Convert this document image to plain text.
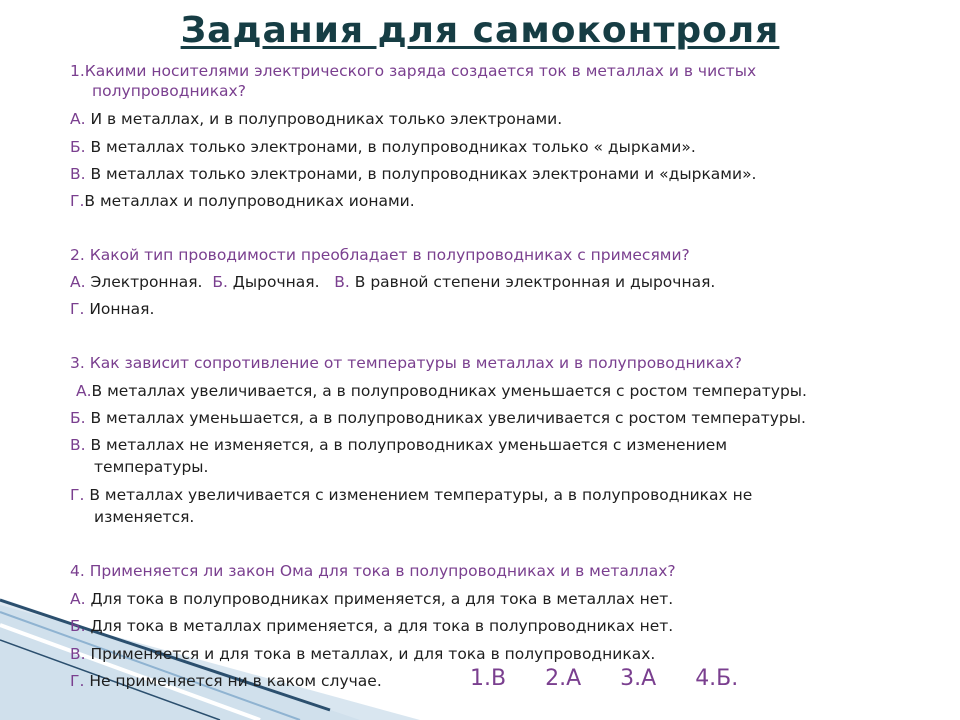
Задания для самоконтроля
1.Какими носителями электрического заряда создается ток в металлах и в чистых
полупроводниках?
А. И в металлах, и в полупроводниках только электронами.
Б. В металлах только электронами, в полупроводниках только « дырками».
В. В металлах только электронами, в полупроводниках электронами и «дырками».
Г.В металлах и полупроводниках ионами.
2. Какой тип проводимости преобладает в полупроводниках с примесями?
А. Электронная.  Б. Дырочная.   В. В равной степени электронная и дырочная.
Г. Ионная.
3. Как зависит сопротивление от температуры в металлах и в полупроводниках?
А.В металлах увеличивается, а в полупроводниках уменьшается с ростом температуры.
Б. В металлах уменьшается, а в полупроводниках увеличивается с ростом температуры.
В. В металлах не изменяется, а в полупроводниках уменьшается с изменением
температуры.
Г. В металлах увеличивается с изменением температуры, а в полупроводниках не
изменяется.
4. Применяется ли закон Ома для тока в полупроводниках и в металлах?
А. Для тока в полупроводниках применяется, а для тока в металлах нет.
Б. Для тока в металлах применяется, а для тока в полупроводниках нет.
В. Применяется и для тока в металлах, и для тока в полупроводниках.
Г. Не применяется ни в каком случае.	1.В 2.А 3.А 4.Б.
